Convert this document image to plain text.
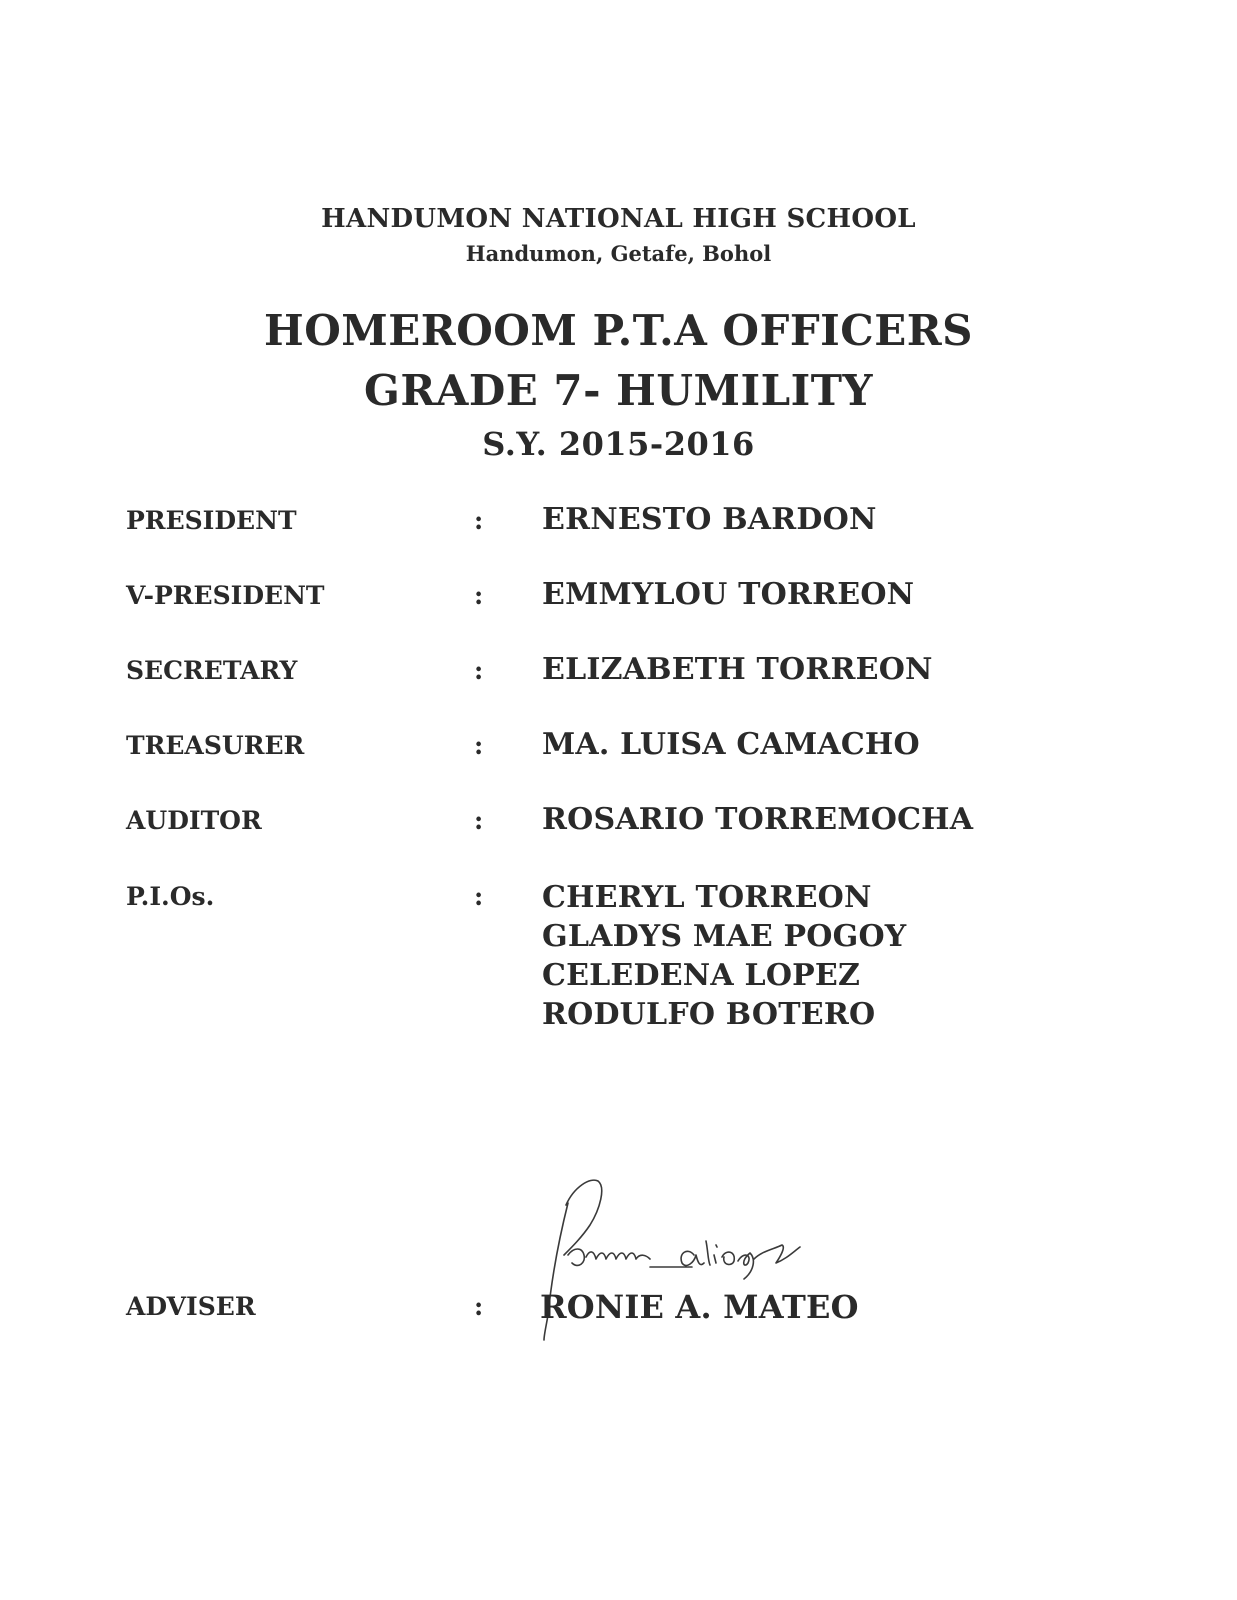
HANDUMON NATIONAL HIGH SCHOOL
Handumon, Getafe, Bohol
HOMEROOM P.T.A OFFICERS
GRADE 7- HUMILITY
S.Y. 2015-2016
PRESIDENT	: ERNESTO BARDON
V-PRESIDENT	: EMMYLOU TORREON
SECRETARY	: ELIZABETH TORREON
TREASURER	: MA. LUISA CAMACHO
AUDITOR	: ROSARIO TORREMOCHA
P.I.Os.	: CHERYL TORREON
GLADYS MAE POGOY
CELEDENA LOPEZ
RODULFO BOTERO
ADVISER	: RONIE A. MATEO
